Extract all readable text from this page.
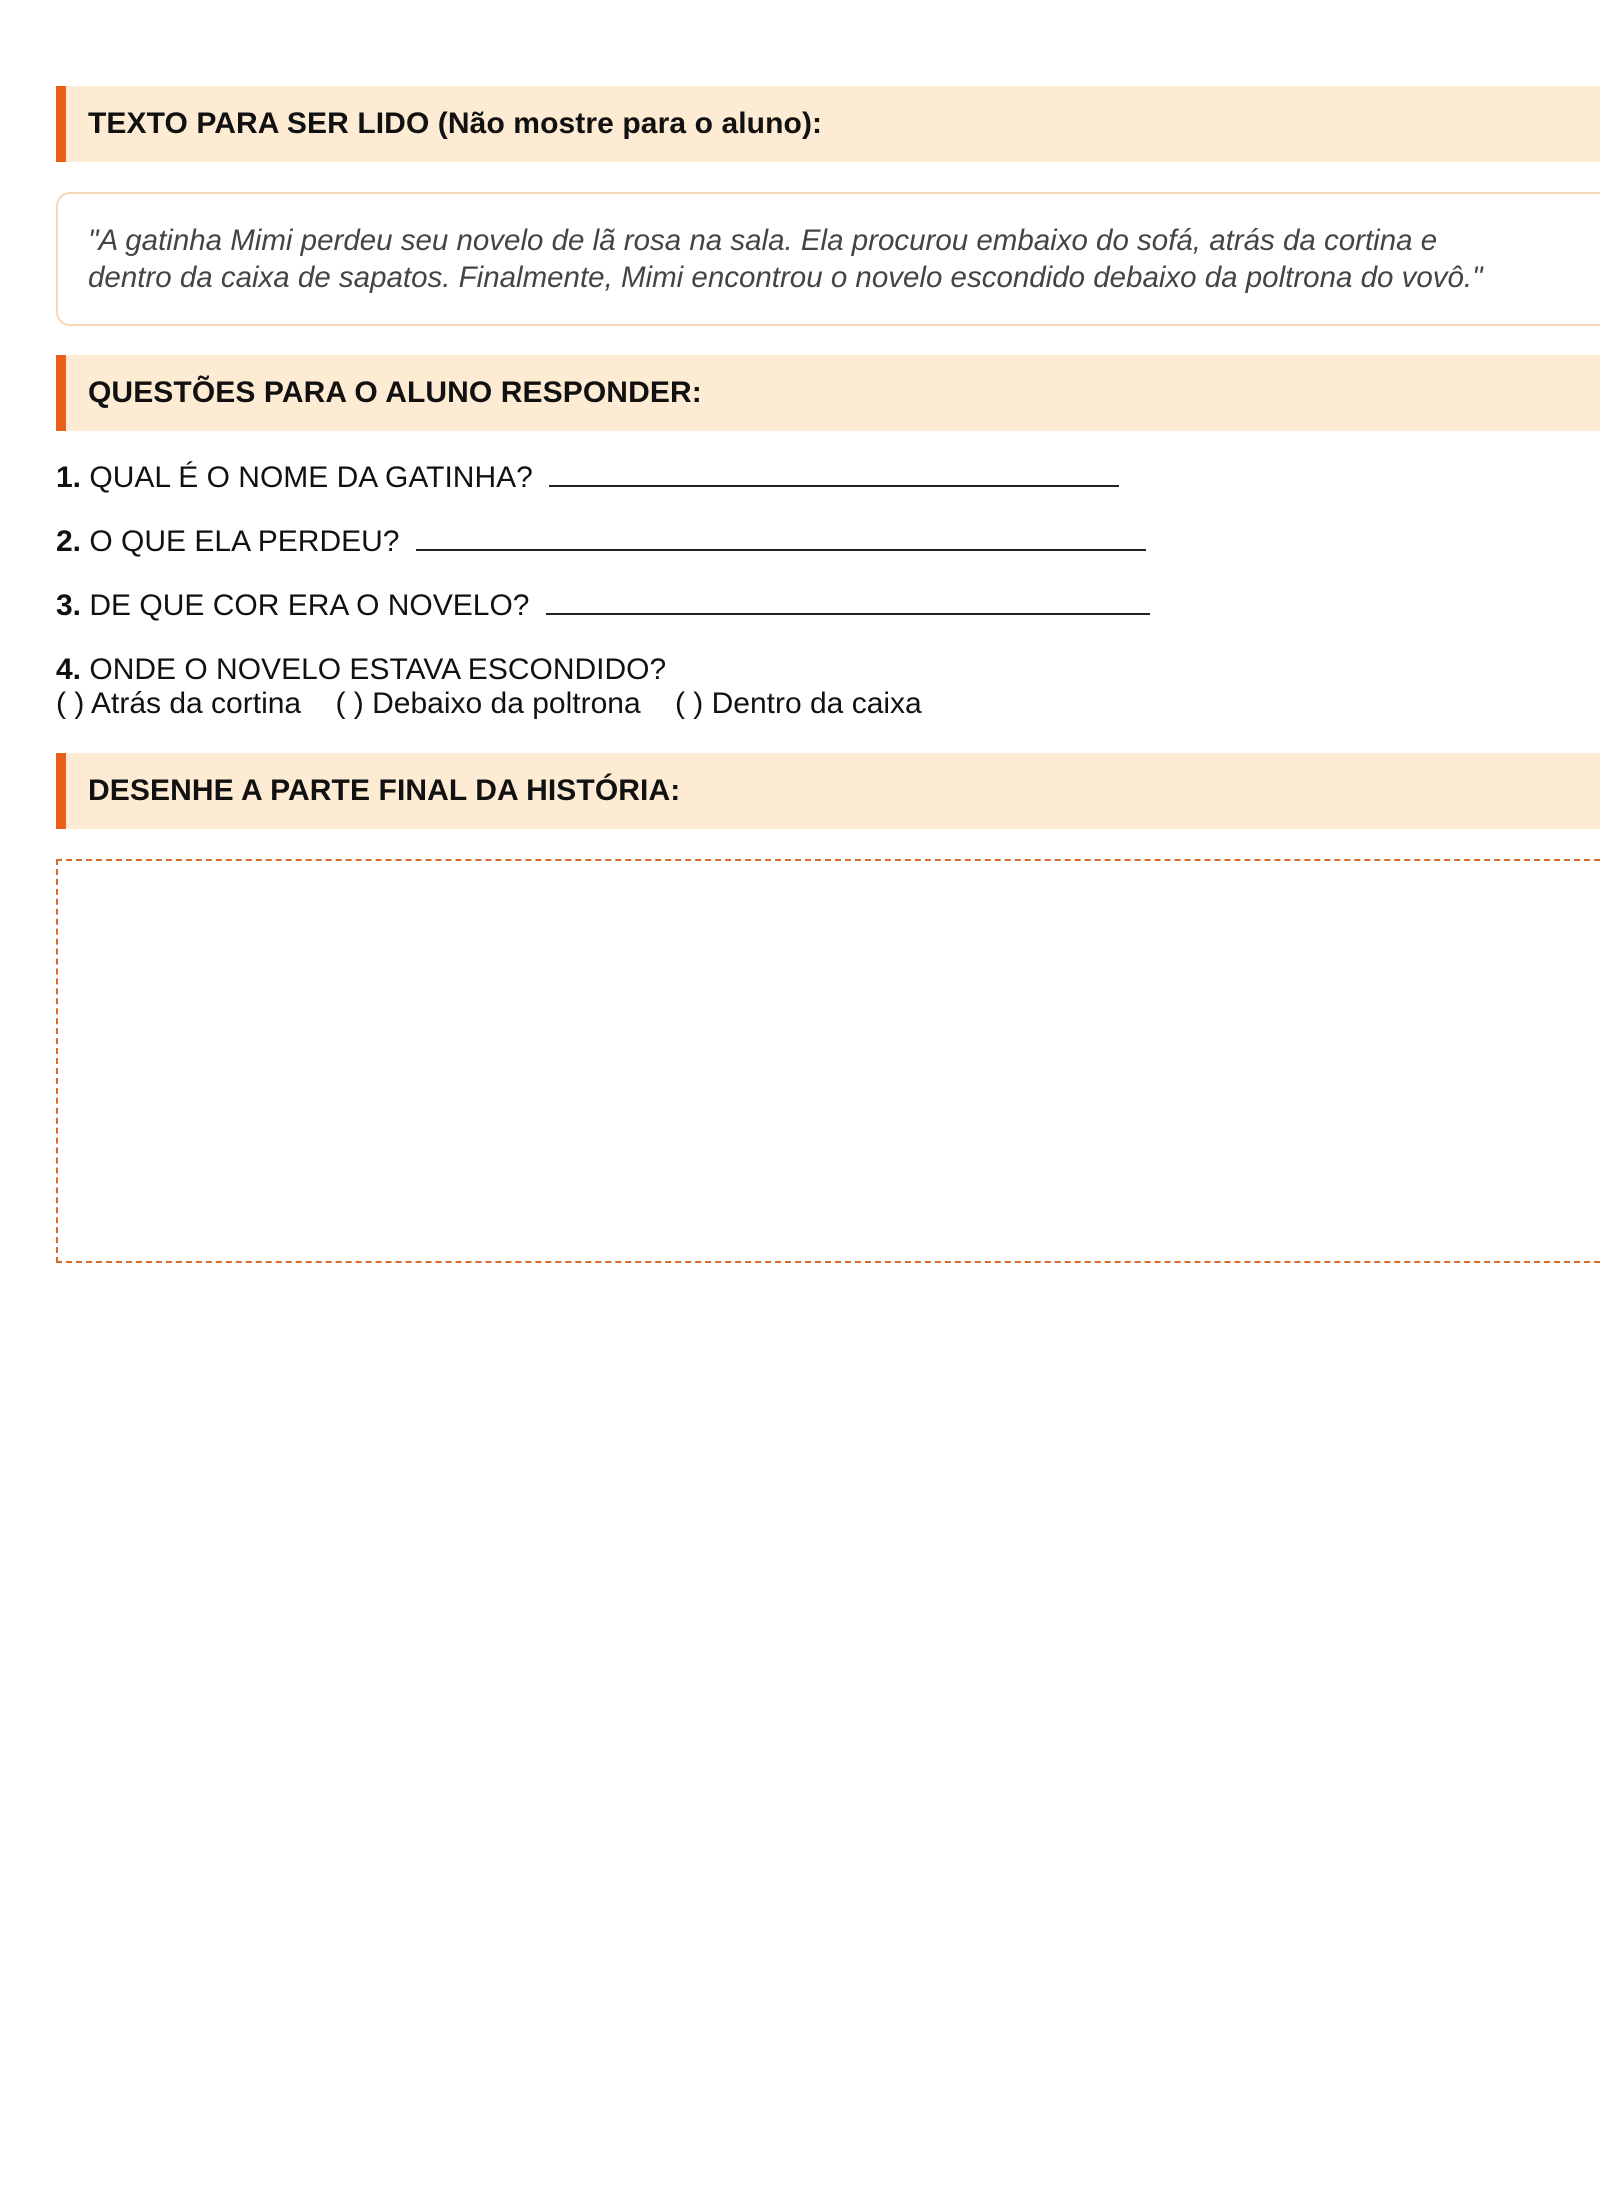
TEXTO PARA SER LIDO (Não mostre para o aluno):
"A gatinha Mimi perdeu seu novelo de lã rosa na sala. Ela procurou embaixo do sofá, atrás da cortina e
dentro da caixa de sapatos. Finalmente, Mimi encontrou o novelo escondido debaixo da poltrona do vovô."
QUESTÕES PARA O ALUNO RESPONDER:
1. QUAL É O NOME DA GATINHA?
2. O QUE ELA PERDEU?
3. DE QUE COR ERA O NOVELO?
4. ONDE O NOVELO ESTAVA ESCONDIDO?
( ) Atrás da cortina ( ) Debaixo da poltrona ( ) Dentro da caixa
DESENHE A PARTE FINAL DA HISTÓRIA:
